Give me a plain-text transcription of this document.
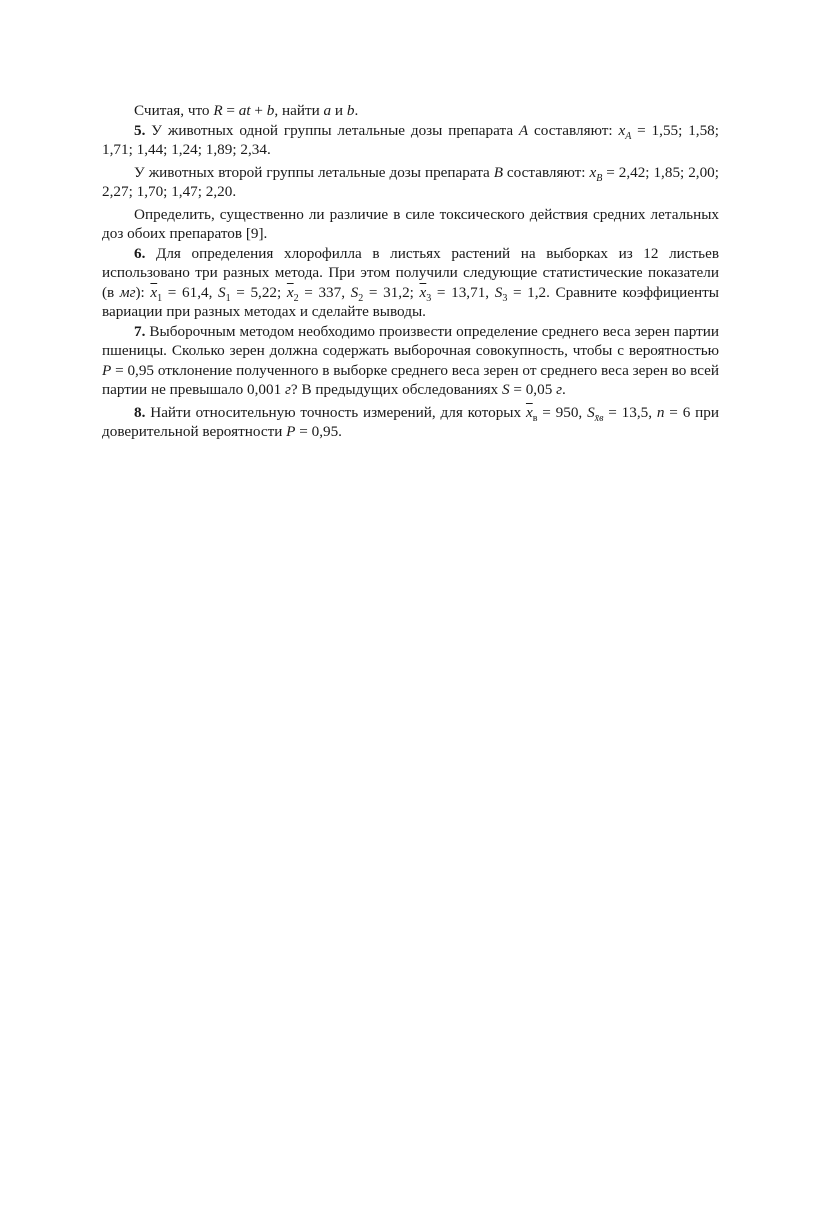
Считая, что R = at + b, найти a и b.

5. У животных одной группы летальные дозы препарата A составляют: $x_A = 1,55$; 1,58; 1,71; 1,44; 1,24; 1,89; 2,34.

У животных второй группы летальные дозы препарата B составляют: $x_B = 2,42$; 1,85; 2,00; 2,27; 1,70; 1,47; 2,20.

Определить, существенно ли различие в силе токсического действия средних летальных доз обоих препаратов [9].

6. Для определения хлорофилла в листьях растений на выборках из 12 листьев использовано три разных метода. При этом получили следующие статистические показатели (в мг): $\overline{x}_1 = 61,4$, $S_1 = 5,22$; $\overline{x}_2 = 337$, $S_2 = 31,2$; $\overline{x}_3 = 13,71$, $S_3 = 1,2$. Сравните коэффициенты вариации при разных методах и сделайте выводы.

7. Выборочным методом необходимо произвести определение среднего веса зерен партии пшеницы. Сколько зерен должна содержать выборочная совокупность, чтобы с вероятностью P = 0,95 отклонение полученного в выборке среднего веса зерен от среднего веса зерен во всей партии не превышало 0,001 г? В предыдущих обследованиях S = 0,05 г.

8. Найти относительную точность измерений, для которых $\overline{x}_в = 950$, $S_{x̄в} = 13,5$, n = 6 при доверительной вероятности P = 0,95.
